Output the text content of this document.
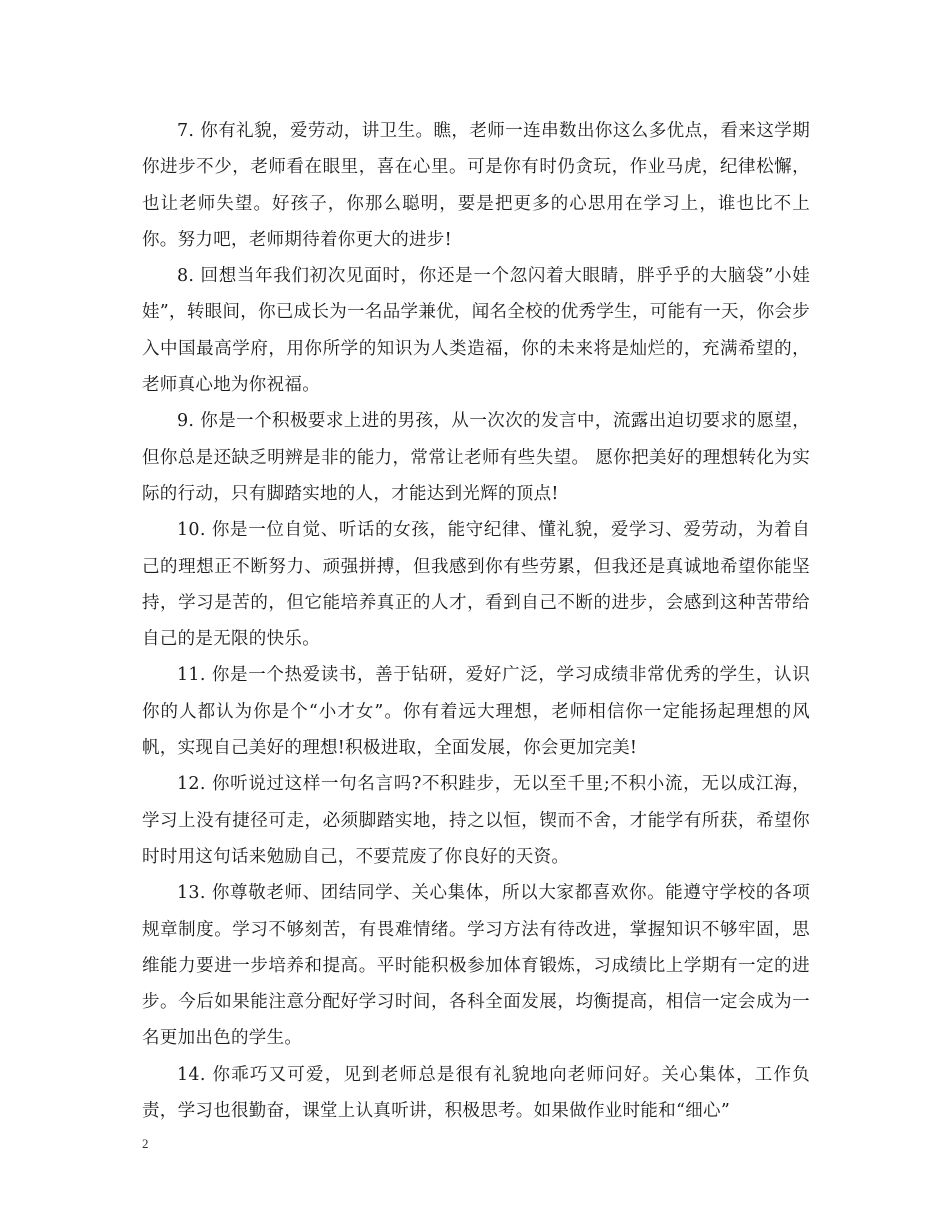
7. 你有礼貌，爱劳动，讲卫生。瞧，老师一连串数出你这么多优点，看来这学期你进步不少，老师看在眼里，喜在心里。可是你有时仍贪玩，作业马虎，纪律松懈，也让老师失望。好孩子，你那么聪明，要是把更多的心思用在学习上，谁也比不上你。努力吧，老师期待着你更大的进步!

8. 回想当年我们初次见面时，你还是一个忽闪着大眼睛，胖乎乎的大脑袋”小娃娃”，转眼间，你已成长为一名品学兼优，闻名全校的优秀学生，可能有一天，你会步入中国最高学府，用你所学的知识为人类造福，你的未来将是灿烂的，充满希望的，老师真心地为你祝福。

9. 你是一个积极要求上进的男孩，从一次次的发言中，流露出迫切要求的愿望，但你总是还缺乏明辨是非的能力，常常让老师有些失望。 愿你把美好的理想转化为实际的行动，只有脚踏实地的人，才能达到光辉的顶点!

10. 你是一位自觉、听话的女孩，能守纪律、懂礼貌，爱学习、爱劳动，为着自己的理想正不断努力、顽强拼搏，但我感到你有些劳累，但我还是真诚地希望你能坚持，学习是苦的，但它能培养真正的人才，看到自己不断的进步，会感到这种苦带给自己的是无限的快乐。

11. 你是一个热爱读书，善于钻研，爱好广泛，学习成绩非常优秀的学生，认识你的人都认为你是个“小才女”。你有着远大理想，老师相信你一定能扬起理想的风帆，实现自己美好的理想!积极进取，全面发展，你会更加完美!

12. 你听说过这样一句名言吗?不积跬步，无以至千里;不积小流，无以成江海，学习上没有捷径可走，必须脚踏实地，持之以恒，锲而不舍，才能学有所获，希望你时时用这句话来勉励自己，不要荒废了你良好的天资。

13. 你尊敬老师、团结同学、关心集体，所以大家都喜欢你。能遵守学校的各项规章制度。学习不够刻苦，有畏难情绪。学习方法有待改进，掌握知识不够牢固，思维能力要进一步培养和提高。平时能积极参加体育锻炼，习成绩比上学期有一定的进步。今后如果能注意分配好学习时间，各科全面发展，均衡提高，相信一定会成为一名更加出色的学生。

14. 你乖巧又可爱，见到老师总是很有礼貌地向老师问好。关心集体，工作负责，学习也很勤奋，课堂上认真听讲，积极思考。如果做作业时能和“细心”

2
